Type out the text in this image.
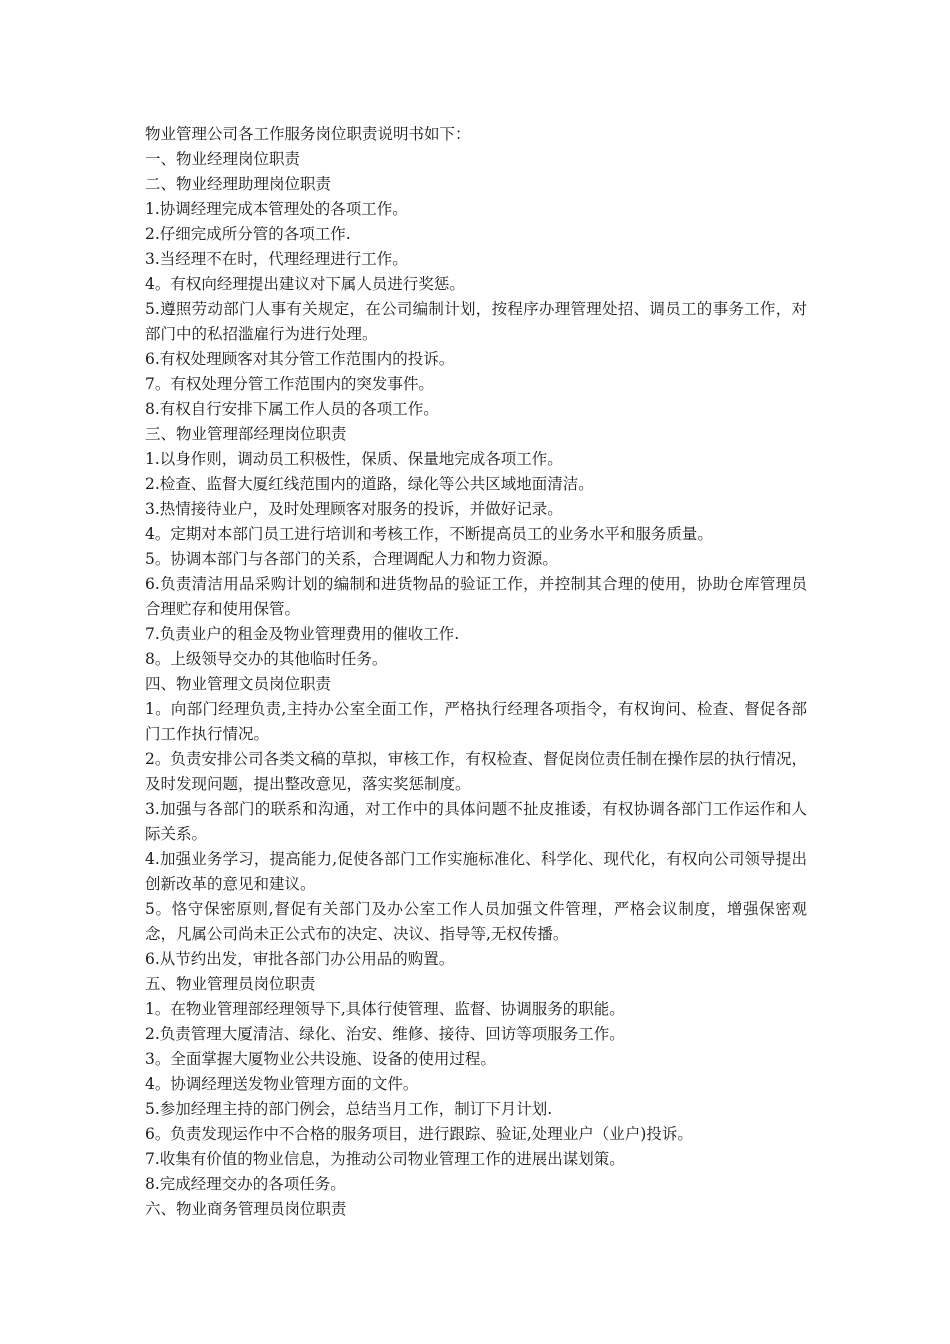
物业管理公司各工作服务岗位职责说明书如下：

一、物业经理岗位职责

二、物业经理助理岗位职责

1.协调经理完成本管理处的各项工作。

2.仔细完成所分管的各项工作.

3.当经理不在时，代理经理进行工作。

4。有权向经理提出建议对下属人员进行奖惩。

5.遵照劳动部门人事有关规定，在公司编制计划，按程序办理管理处招、调员工的事务工作，对部门中的私招滥雇行为进行处理。

6.有权处理顾客对其分管工作范围内的投诉。

7。有权处理分管工作范围内的突发事件。

8.有权自行安排下属工作人员的各项工作。

三、物业管理部经理岗位职责

1.以身作则，调动员工积极性，保质、保量地完成各项工作。

2.检查、监督大厦红线范围内的道路，绿化等公共区域地面清洁。

3.热情接待业户，及时处理顾客对服务的投诉，并做好记录。

4。定期对本部门员工进行培训和考核工作，不断提高员工的业务水平和服务质量。

5。协调本部门与各部门的关系，合理调配人力和物力资源。

6.负责清洁用品采购计划的编制和进货物品的验证工作，并控制其合理的使用，协助仓库管理员合理贮存和使用保管。

7.负责业户的租金及物业管理费用的催收工作.

8。上级领导交办的其他临时任务。

四、物业管理文员岗位职责

1。向部门经理负责,主持办公室全面工作，严格执行经理各项指令，有权询问、检查、督促各部门工作执行情况。

2。负责安排公司各类文稿的草拟，审核工作，有权检查、督促岗位责任制在操作层的执行情况，及时发现问题，提出整改意见，落实奖惩制度。

3.加强与各部门的联系和沟通，对工作中的具体问题不扯皮推诿，有权协调各部门工作运作和人际关系。

4.加强业务学习，提高能力,促使各部门工作实施标准化、科学化、现代化，有权向公司领导提出创新改革的意见和建议。

5。恪守保密原则,督促有关部门及办公室工作人员加强文件管理，严格会议制度，增强保密观念，凡属公司尚未正公式布的决定、决议、指导等,无权传播。

6.从节约出发，审批各部门办公用品的购置。

五、物业管理员岗位职责

1。在物业管理部经理领导下,具体行使管理、监督、协调服务的职能。

2.负责管理大厦清洁、绿化、治安、维修、接待、回访等项服务工作。

3。全面掌握大厦物业公共设施、设备的使用过程。

4。协调经理送发物业管理方面的文件。

5.参加经理主持的部门例会，总结当月工作，制订下月计划.

6。负责发现运作中不合格的服务项目，进行跟踪、验证,处理业户（业户)投诉。

7.收集有价值的物业信息，为推动公司物业管理工作的进展出谋划策。

8.完成经理交办的各项任务。

六、物业商务管理员岗位职责
